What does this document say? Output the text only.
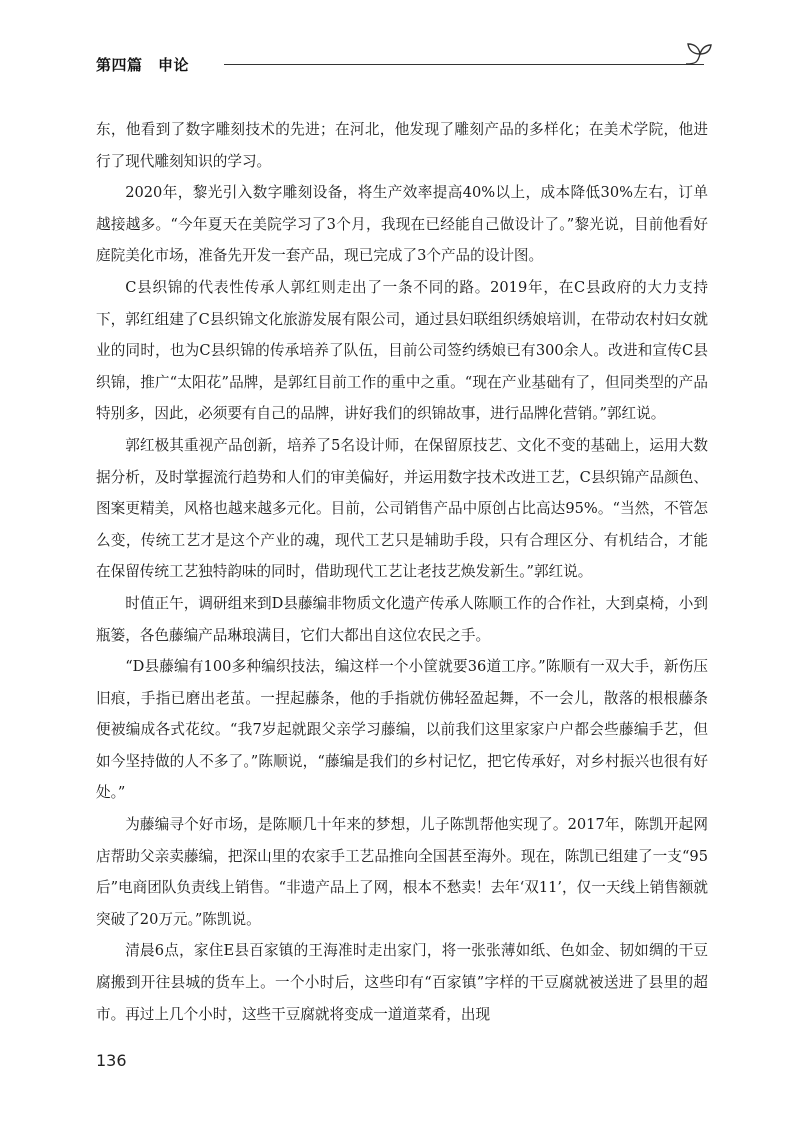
第四篇　申论

东，他看到了数字雕刻技术的先进；在河北，他发现了雕刻产品的多样化；在美术学院，他进行了现代雕刻知识的学习。

2020年，黎光引入数字雕刻设备，将生产效率提高40%以上，成本降低30%左右，订单越接越多。“今年夏天在美院学习了3个月，我现在已经能自己做设计了。”黎光说，目前他看好庭院美化市场，准备先开发一套产品，现已完成了3个产品的设计图。

C县织锦的代表性传承人郭红则走出了一条不同的路。2019年，在C县政府的大力支持下，郭红组建了C县织锦文化旅游发展有限公司，通过县妇联组织绣娘培训，在带动农村妇女就业的同时，也为C县织锦的传承培养了队伍，目前公司签约绣娘已有300余人。改进和宣传C县织锦，推广“太阳花”品牌，是郭红目前工作的重中之重。“现在产业基础有了，但同类型的产品特别多，因此，必须要有自己的品牌，讲好我们的织锦故事，进行品牌化营销。”郭红说。

郭红极其重视产品创新，培养了5名设计师，在保留原技艺、文化不变的基础上，运用大数据分析，及时掌握流行趋势和人们的审美偏好，并运用数字技术改进工艺，C县织锦产品颜色、图案更精美，风格也越来越多元化。目前，公司销售产品中原创占比高达95%。“当然，不管怎么变，传统工艺才是这个产业的魂，现代工艺只是辅助手段，只有合理区分、有机结合，才能在保留传统工艺独特韵味的同时，借助现代工艺让老技艺焕发新生。”郭红说。

时值正午，调研组来到D县藤编非物质文化遗产传承人陈顺工作的合作社，大到桌椅，小到瓶篓，各色藤编产品琳琅满目，它们大都出自这位农民之手。

“D县藤编有100多种编织技法，编这样一个小筐就要36道工序。”陈顺有一双大手，新伤压旧痕，手指已磨出老茧。一捏起藤条，他的手指就仿佛轻盈起舞，不一会儿，散落的根根藤条便被编成各式花纹。“我7岁起就跟父亲学习藤编，以前我们这里家家户户都会些藤编手艺，但如今坚持做的人不多了。”陈顺说，“藤编是我们的乡村记忆，把它传承好，对乡村振兴也很有好处。”

为藤编寻个好市场，是陈顺几十年来的梦想，儿子陈凯帮他实现了。2017年，陈凯开起网店帮助父亲卖藤编，把深山里的农家手工艺品推向全国甚至海外。现在，陈凯已组建了一支“95后”电商团队负责线上销售。“非遗产品上了网，根本不愁卖！去年‘双11’，仅一天线上销售额就突破了20万元。”陈凯说。

清晨6点，家住E县百家镇的王海准时走出家门，将一张张薄如纸、色如金、韧如绸的干豆腐搬到开往县城的货车上。一个小时后，这些印有“百家镇”字样的干豆腐就被送进了县里的超市。再过上几个小时，这些干豆腐就将变成一道道菜肴，出现

136
